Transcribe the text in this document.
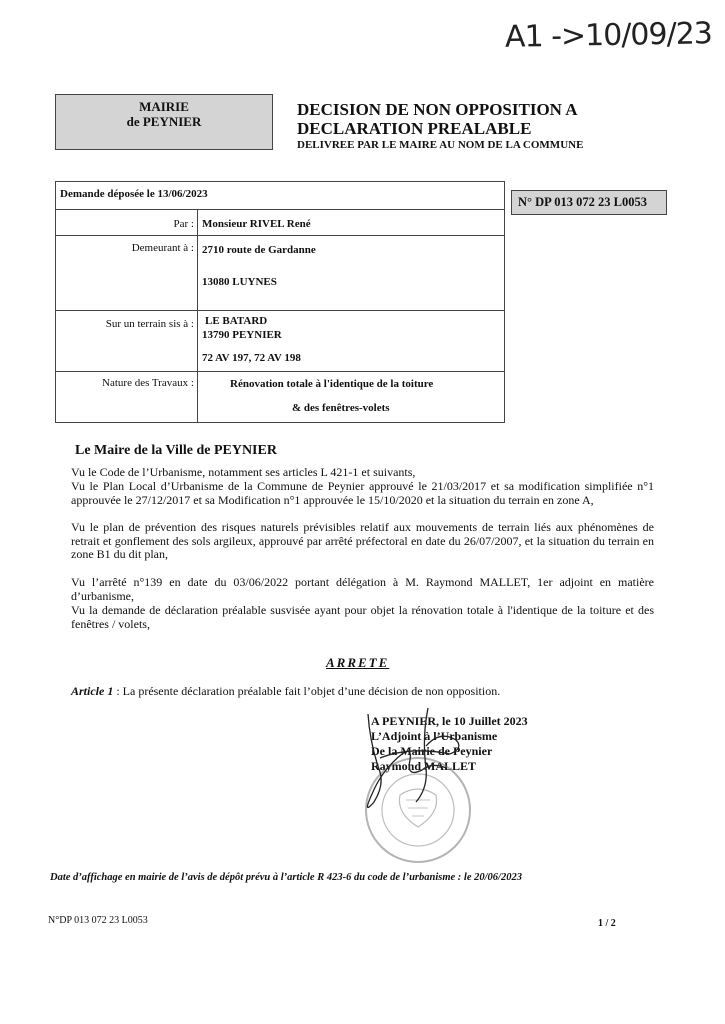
A1 ->10/09/23
MAIRIE
de PEYNIER
DECISION DE NON OPPOSITION A
DECLARATION PREALABLE
DELIVREE PAR LE MAIRE AU NOM DE LA COMMUNE
Demande déposée le 13/06/2023
Par : Monsieur RIVEL René
Demeurant à : 2710 route de Gardanne
13080 LUYNES
Sur un terrain sis à : LE BATARD
13790 PEYNIER
72 AV 197, 72 AV 198
Nature des Travaux :	Rénovation totale à l'identique de la toiture
& des fenêtres-volets
N° DP 013 072 23 L0053
Le Maire de la Ville de PEYNIER
Vu le Code de l’Urbanisme, notamment ses articles L 421-1 et suivants,
Vu le Plan Local d’Urbanisme de la Commune de Peynier approuvé le 21/03/2017 et sa modification simplifiée n°1 approuvée le 27/12/2017 et sa Modification n°1 approuvée le 15/10/2020 et la situation du terrain en zone A,
Vu le plan de prévention des risques naturels prévisibles relatif aux mouvements de terrain liés aux phénomènes de retrait et gonflement des sols argileux, approuvé par arrêté préfectoral en date du 26/07/2007, et la situation du terrain en zone B1 du dit plan,
Vu l’arrêté n°139 en date du 03/06/2022 portant délégation à M. Raymond MALLET, 1er adjoint en matière d’urbanisme,
Vu la demande de déclaration préalable susvisée ayant pour objet la rénovation totale à l'identique de la toiture et des fenêtres / volets,
ARRETE
Article 1 : La présente déclaration préalable fait l’objet d’une décision de non opposition.
A PEYNIER, le 10 Juillet 2023
L’Adjoint à l’Urbanisme
De la Mairie de Peynier
Raymond MALLET
Date d’affichage en mairie de l’avis de dépôt prévu à l’article R 423-6 du code de l’urbanisme : le 20/06/2023
N°DP 013 072 23 L0053	1 / 2
